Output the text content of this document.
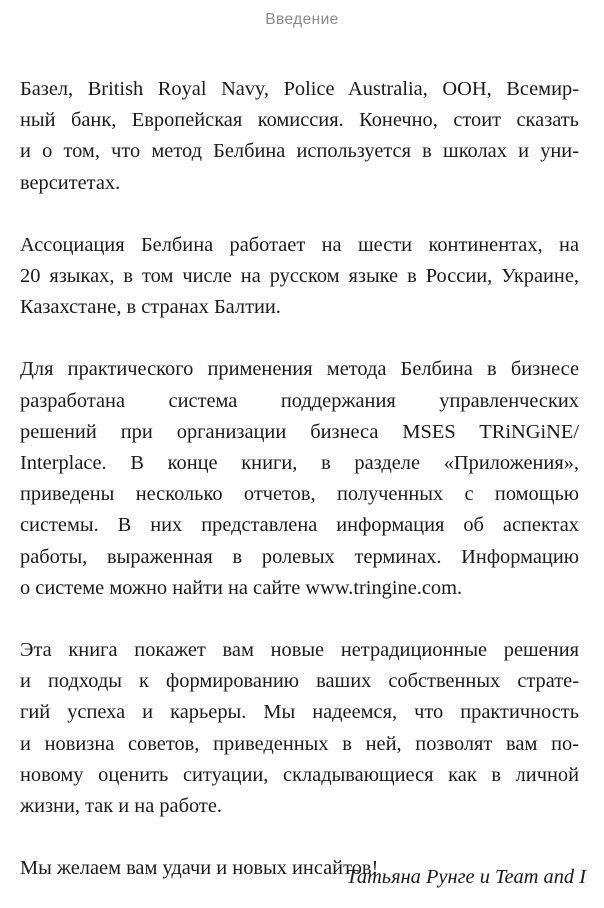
Введение

Базел, British Royal Navy, Police Australia, ООН, Всемир-
ный банк, Европейская комиссия. Конечно, стоит сказать
и о том, что метод Белбина используется в школах и уни-
верситетах.

Ассоциация Белбина работает на шести континентах, на
20 языках, в том числе на русском языке в России, Украине,
Казахстане, в странах Балтии.

Для практического применения метода Белбина в бизнесе
разработана система поддержания управленческих
решений при организации бизнеса MSES TRiNGiNE/
Interplace. В конце книги, в разделе «Приложения»,
приведены несколько отчетов, полученных с помощью
системы. В них представлена информация об аспектах
работы, выраженная в ролевых терминах. Информацию
о системе можно найти на сайте www.tringine.com.

Эта книга покажет вам новые нетрадиционные решения
и подходы к формированию ваших собственных страте-
гий успеха и карьеры. Мы надеемся, что практичность
и новизна советов, приведенных в ней, позволят вам по-
новому оценить ситуации, складывающиеся как в личной
жизни, так и на работе.

Мы желаем вам удачи и новых инсайтов!

Татьяна Рунге и Team and I
